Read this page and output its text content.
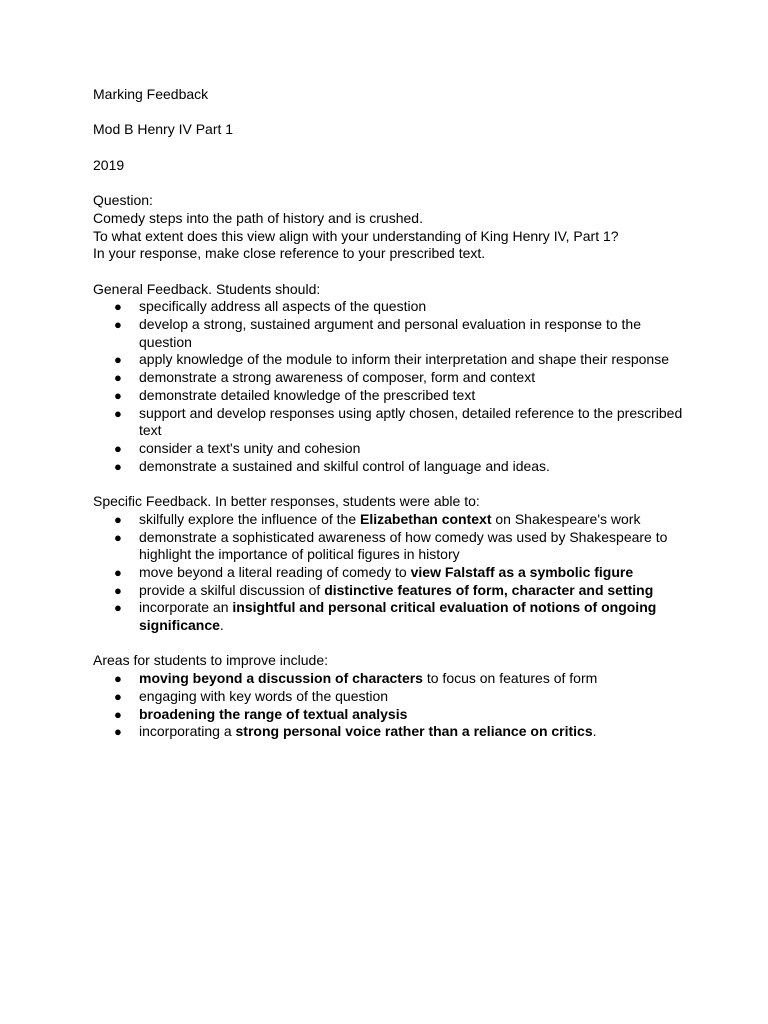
Marking Feedback

Mod B Henry IV Part 1

2019

Question:

Comedy steps into the path of history and is crushed.

To what extent does this view align with your understanding of King Henry IV, Part 1?

In your response, make close reference to your prescribed text.

General Feedback. Students should:

● specifically address all aspects of the question
● develop a strong, sustained argument and personal evaluation in response to the question
● apply knowledge of the module to inform their interpretation and shape their response
● demonstrate a strong awareness of composer, form and context
● demonstrate detailed knowledge of the prescribed text
● support and develop responses using aptly chosen, detailed reference to the prescribed text
● consider a text's unity and cohesion
● demonstrate a sustained and skilful control of language and ideas.

Specific Feedback. In better responses, students were able to:

● skilfully explore the influence of the Elizabethan context on Shakespeare's work
● demonstrate a sophisticated awareness of how comedy was used by Shakespeare to highlight the importance of political figures in history
● move beyond a literal reading of comedy to view Falstaff as a symbolic figure
● provide a skilful discussion of distinctive features of form, character and setting
● incorporate an insightful and personal critical evaluation of notions of ongoing significance.

Areas for students to improve include:

● moving beyond a discussion of characters to focus on features of form
● engaging with key words of the question
● broadening the range of textual analysis
● incorporating a strong personal voice rather than a reliance on critics.
